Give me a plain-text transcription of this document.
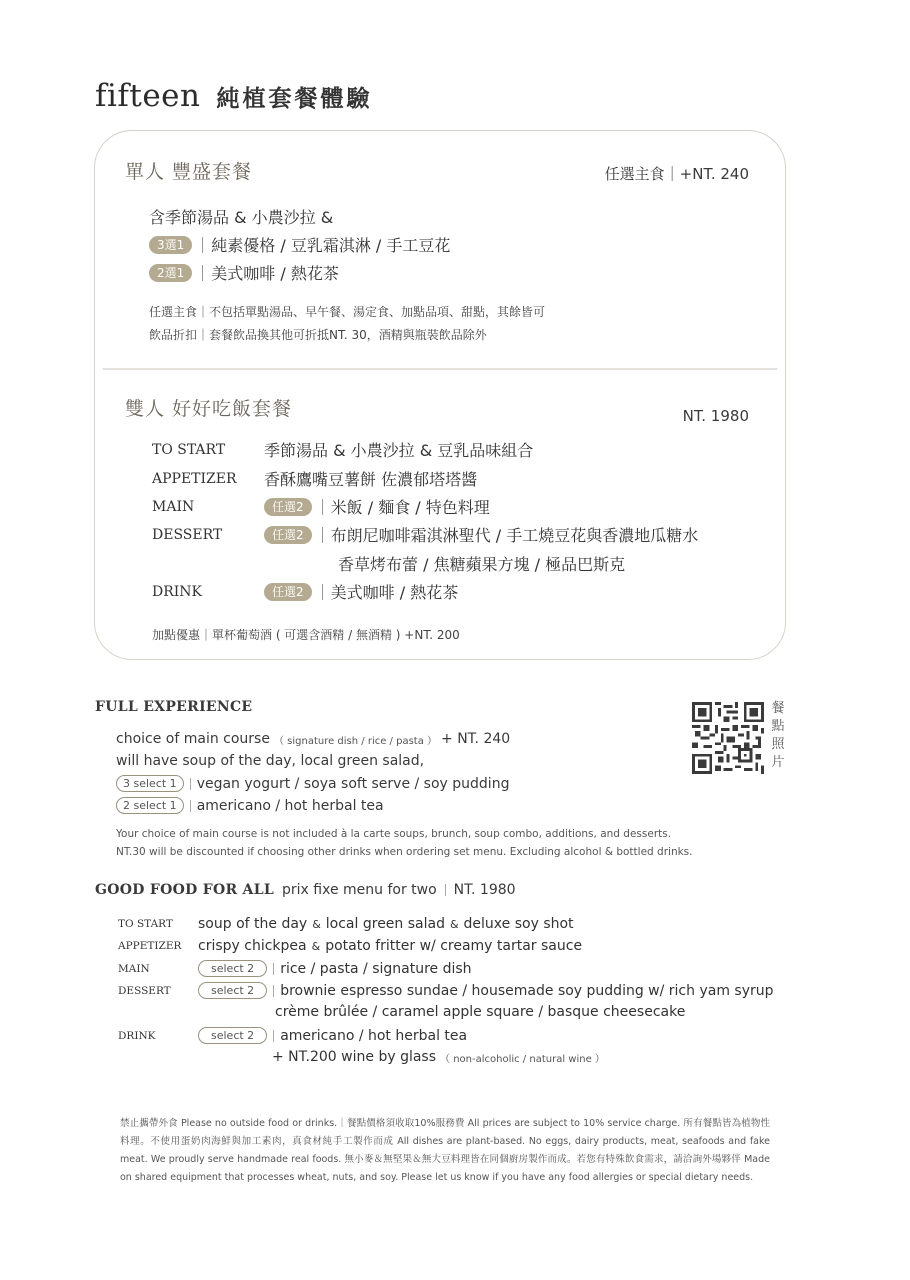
fifteen 純植套餐體驗
單人 豐盛套餐	任選主食｜+NT. 240
含季節湯品 & 小農沙拉 &
3選1	純素優格 / 豆乳霜淇淋 / 手工豆花
2選1	美式咖啡 / 熱花茶
任選主食｜不包括單點湯品、早午餐、湯定食、加點品項、甜點，其餘皆可
飲品折扣｜套餐飲品換其他可折抵NT. 30，酒精與瓶裝飲品除外
雙人 好好吃飯套餐	NT. 1980
TO START	季節湯品 & 小農沙拉 & 豆乳品味組合
APPETIZER	香酥鷹嘴豆薯餅 佐濃郁塔塔醬
MAIN	任選2	米飯 / 麵食 / 特色料理
DESSERT	任選2	布朗尼咖啡霜淇淋聖代 / 手工燒豆花與香濃地瓜糖水
香草烤布蕾 / 焦糖蘋果方塊 / 極品巴斯克
DRINK	任選2	美式咖啡 / 熱花茶
加點優惠｜單杯葡萄酒 ( 可選含酒精 / 無酒精 ) +NT. 200
FULL EXPERIENCE
choice of main course （ signature dish / rice / pasta ） + NT. 240
will have soup of the day, local green salad,
3 select 1	vegan yogurt / soya soft serve / soy pudding
2 select 1	americano / hot herbal tea
Your choice of main course is not included à la carte soups, brunch, soup combo, additions, and desserts.
NT.30 will be discounted if choosing other drinks when ordering set menu. Excluding alcohol & bottled drinks.
餐
點
照
片
GOOD FOOD FOR ALL prix fixe menu for two NT. 1980
TO START	soup of the day & local green salad & deluxe soy shot
APPETIZER	crispy chickpea & potato fritter w/ creamy tartar sauce
MAIN	select 2	rice / pasta / signature dish
DESSERT	select 2	brownie espresso sundae / housemade soy pudding w/ rich yam syrup
crème brûlée / caramel apple square / basque cheesecake
DRINK	select 2	americano / hot herbal tea
+ NT.200 wine by glass （ non-alcoholic / natural wine ）
禁止攜帶外食 Please no outside food or drinks.｜餐點價格須收取10%服務費 All prices are subject to 10% service charge. 所有餐點皆為植物性料理。不使用蛋奶肉海鮮與加工素肉，真食材純手工製作而成 All dishes are plant-based. No eggs, dairy products, meat, seafoods and fake meat. We proudly serve handmade real foods. 無小麥＆無堅果＆無大豆料理皆在同個廚房製作而成。若您有特殊飲食需求，請洽詢外場夥伴 Made on shared equipment that processes wheat, nuts, and soy. Please let us know if you have any food allergies or special dietary needs.
